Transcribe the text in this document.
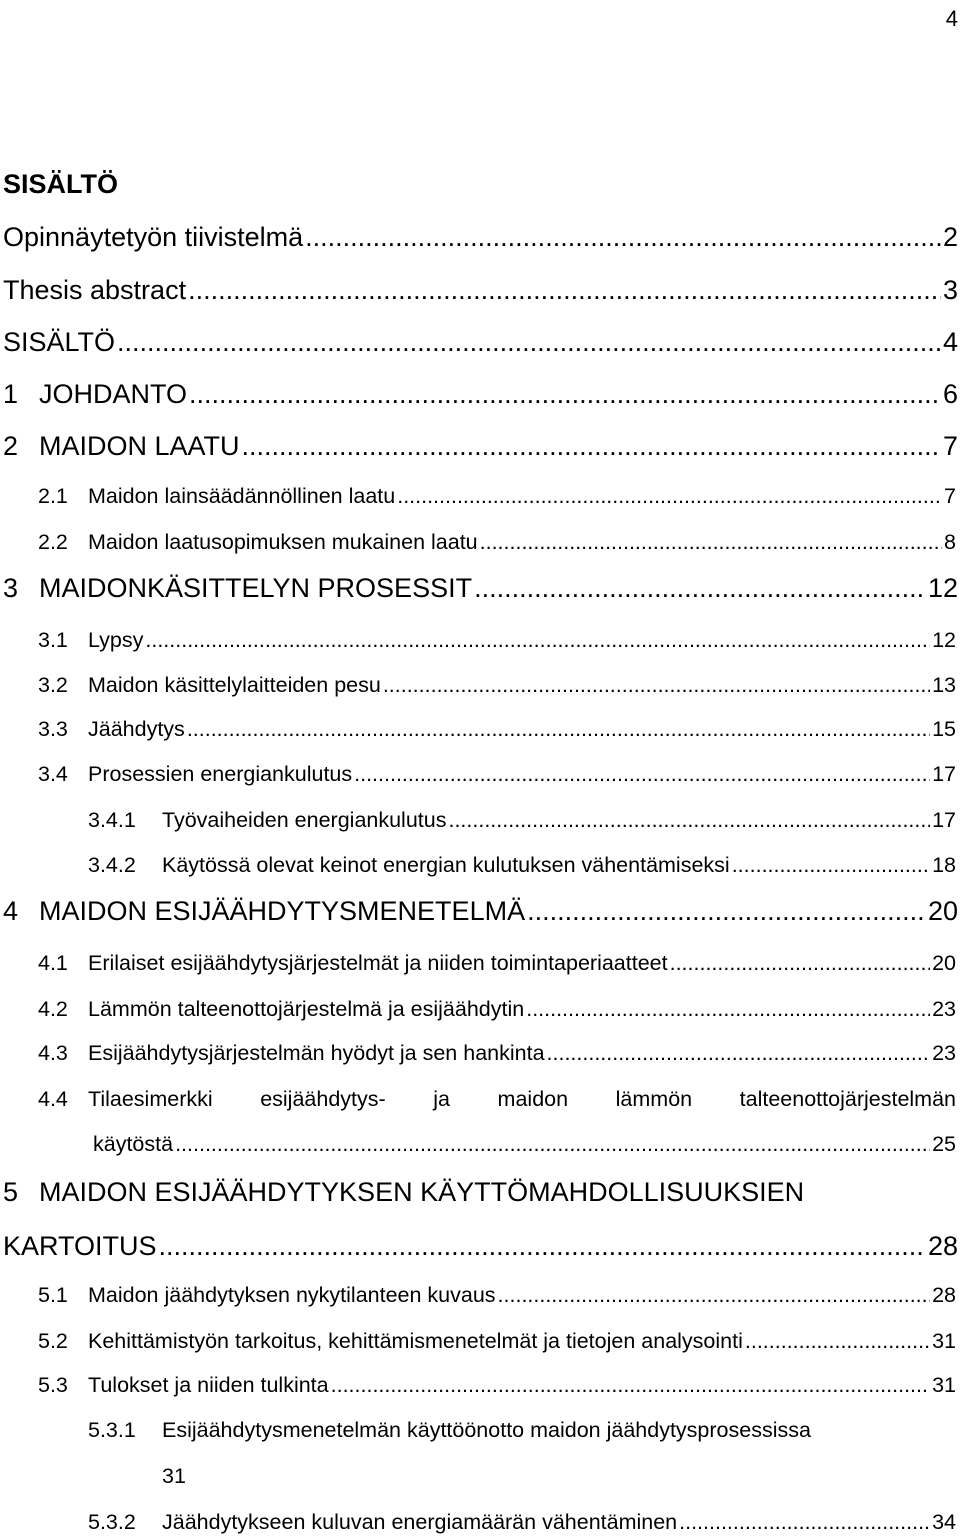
4
SISÄLTÖ
Opinnäytetyön tiivistelmä .....	2
Thesis abstract .....	3
SISÄLTÖ .....	4
1 JOHDANTO .....	6
2 MAIDON LAATU .....	7
2.1 Maidon lainsäädännöllinen laatu .....	7
2.2 Maidon laatusopimuksen mukainen laatu .....	8
3 MAIDONKÄSITTELYN PROSESSIT .....	12
3.1 Lypsy .....	12
3.2 Maidon käsittelylaitteiden pesu .....	13
3.3 Jäähdytys .....	15
3.4 Prosessien energiankulutus .....	17
3.4.1	Työvaiheiden energiankulutus .....	17
3.4.2	Käytössä olevat keinot energian kulutuksen vähentämiseksi .....	18
4 MAIDON ESIJÄÄHDYTYSMENETELMÄ .....	20
4.1 Erilaiset esijäähdytysjärjestelmät ja niiden toimintaperiaatteet .....	20
4.2 Lämmön talteenottojärjestelmä ja esijäähdytin .....	23
4.3 Esijäähdytysjärjestelmän hyödyt ja sen hankinta .....	23
4.4 Tilaesimerkki esijäähdytys- ja maidon lämmön talteenottojärjestelmän
käytöstä .....	25
5 MAIDON ESIJÄÄHDYTYKSEN KÄYTTÖMAHDOLLISUUKSIEN
KARTOITUS .....	28
5.1 Maidon jäähdytyksen nykytilanteen kuvaus .....	28
5.2 Kehittämistyön tarkoitus, kehittämismenetelmät ja tietojen analysointi .....	31
5.3 Tulokset ja niiden tulkinta .....	31
5.3.1	Esijäähdytysmenetelmän käyttöönotto maidon jäähdytysprosessissa
31
5.3.2	Jäähdytykseen kuluvan energiamäärän vähentäminen .....	34
